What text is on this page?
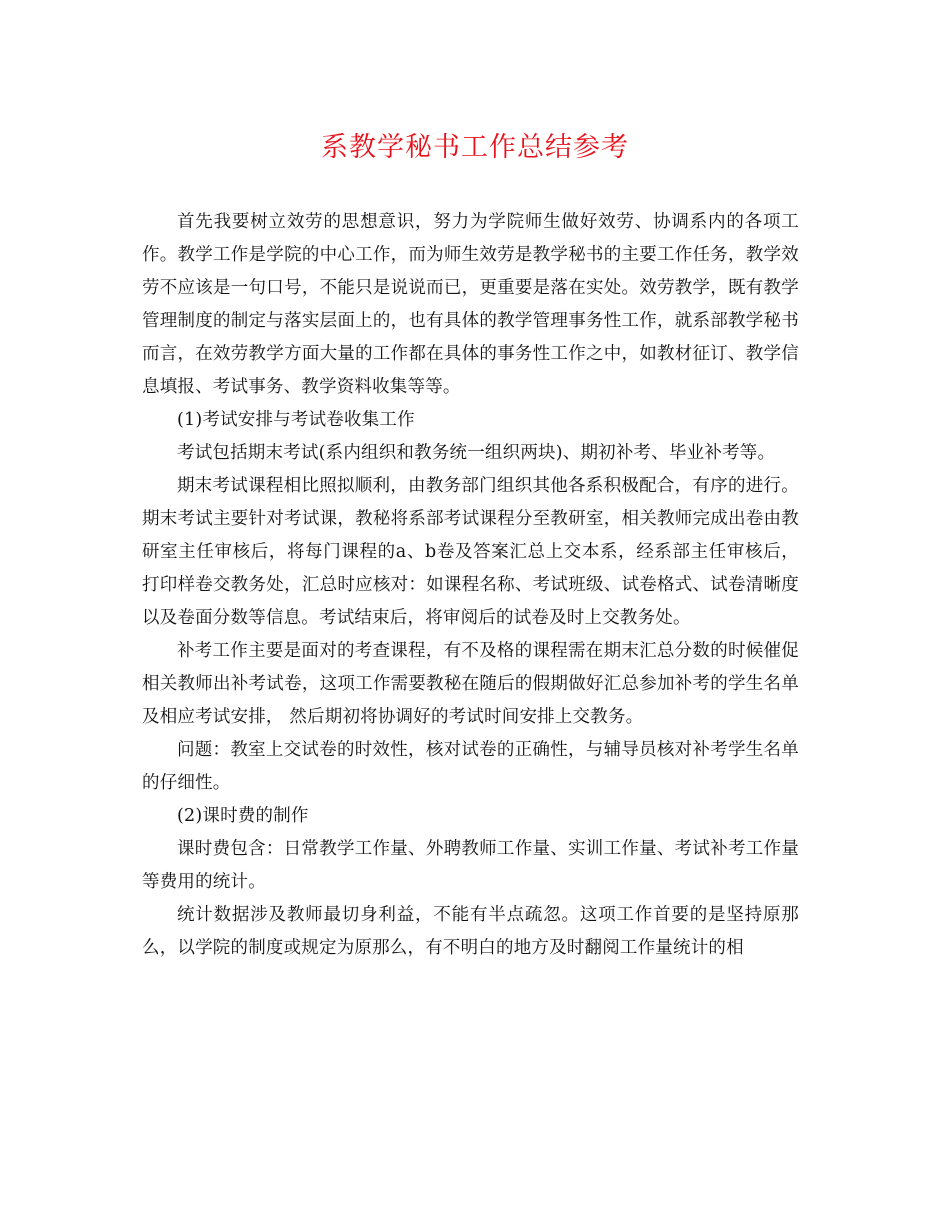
系教学秘书工作总结参考

首先我要树立效劳的思想意识，努力为学院师生做好效劳、协调系内的各项工作。教学工作是学院的中心工作，而为师生效劳是教学秘书的主要工作任务，教学效劳不应该是一句口号，不能只是说说而已，更重要是落在实处。效劳教学，既有教学管理制度的制定与落实层面上的，也有具体的教学管理事务性工作，就系部教学秘书而言，在效劳教学方面大量的工作都在具体的事务性工作之中，如教材征订、教学信息填报、考试事务、教学资料收集等等。

(1)考试安排与考试卷收集工作

考试包括期末考试(系内组织和教务统一组织两块)、期初补考、毕业补考等。

期末考试课程相比照拟顺利，由教务部门组织其他各系积极配合，有序的进行。期末考试主要针对考试课，教秘将系部考试课程分至教研室，相关教师完成出卷由教研室主任审核后，将每门课程的a、b卷及答案汇总上交本系，经系部主任审核后，打印样卷交教务处，汇总时应核对：如课程名称、考试班级、试卷格式、试卷清晰度以及卷面分数等信息。考试结束后，将审阅后的试卷及时上交教务处。

补考工作主要是面对的考查课程，有不及格的课程需在期末汇总分数的时候催促相关教师出补考试卷，这项工作需要教秘在随后的假期做好汇总参加补考的学生名单及相应考试安排， 然后期初将协调好的考试时间安排上交教务。

问题：教室上交试卷的时效性，核对试卷的正确性，与辅导员核对补考学生名单的仔细性。

(2)课时费的制作

课时费包含：日常教学工作量、外聘教师工作量、实训工作量、考试补考工作量等费用的统计。

统计数据涉及教师最切身利益，不能有半点疏忽。这项工作首要的是坚持原那么，以学院的制度或规定为原那么，有不明白的地方及时翻阅工作量统计的相
